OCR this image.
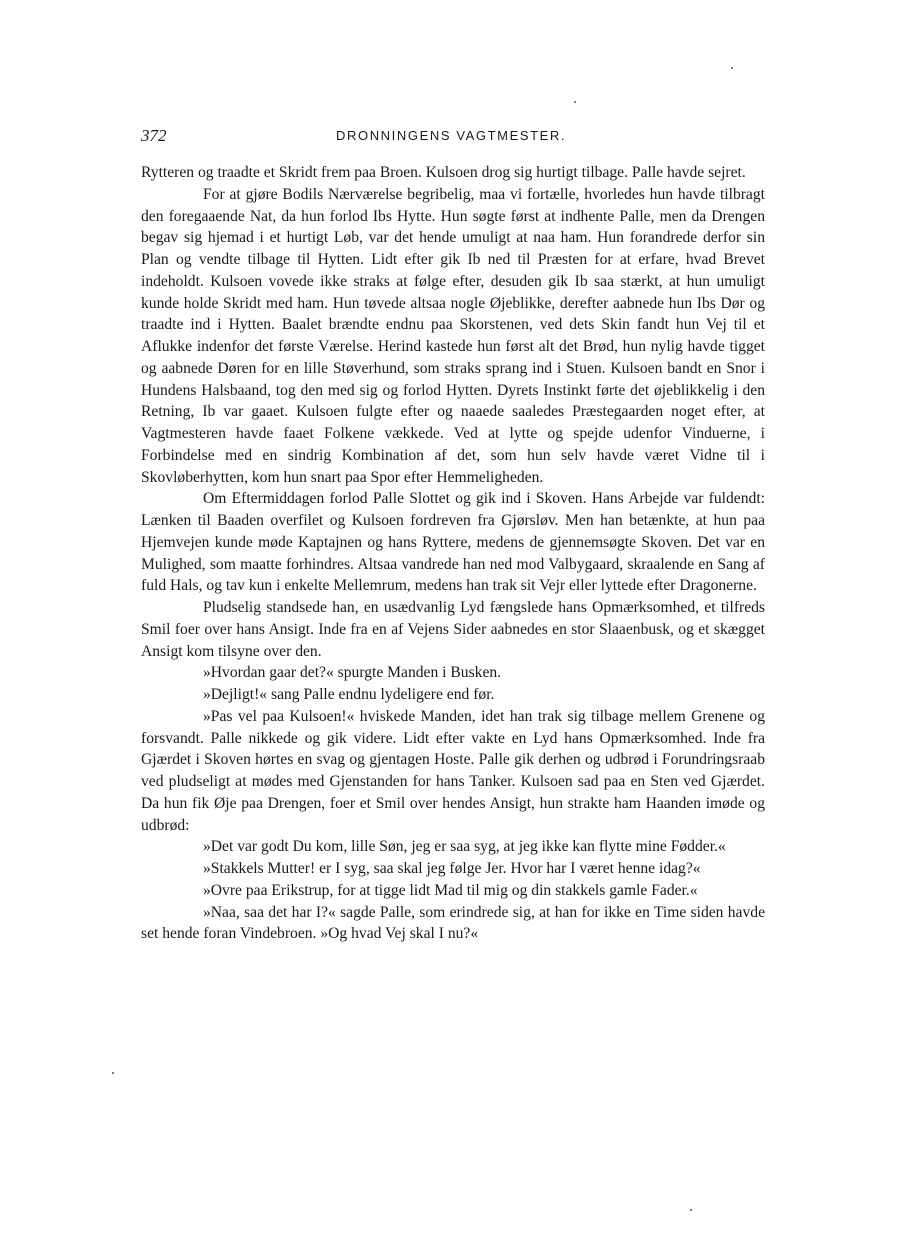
372	DRONNINGENS VAGTMESTER.

Rytteren og traadte et Skridt frem paa Broen. Kulsoen drog sig hurtigt tilbage. Palle havde sejret.

For at gjøre Bodils Nærværelse begribelig, maa vi fortælle, hvorledes hun havde tilbragt den foregaaende Nat, da hun forlod Ibs Hytte. Hun søgte først at indhente Palle, men da Drengen begav sig hjemad i et hurtigt Løb, var det hende umuligt at naa ham. Hun forandrede derfor sin Plan og vendte tilbage til Hytten. Lidt efter gik Ib ned til Præsten for at erfare, hvad Brevet indeholdt. Kulsoen vovede ikke straks at følge efter, desuden gik Ib saa stærkt, at hun umuligt kunde holde Skridt med ham. Hun tøvede altsaa nogle Øjeblikke, derefter aabnede hun Ibs Dør og traadte ind i Hytten. Baalet brændte endnu paa Skorstenen, ved dets Skin fandt hun Vej til et Aflukke indenfor det første Værelse. Herind kastede hun først alt det Brød, hun nylig havde tigget og aabnede Døren for en lille Støverhund, som straks sprang ind i Stuen. Kulsoen bandt en Snor i Hundens Halsbaand, tog den med sig og forlod Hytten. Dyrets Instinkt førte det øjeblikkelig i den Retning, Ib var gaaet. Kulsoen fulgte efter og naaede saaledes Præstegaarden noget efter, at Vagtmesteren havde faaet Folkene vækkede. Ved at lytte og spejde udenfor Vinduerne, i Forbindelse med en sindrig Kombination af det, som hun selv havde været Vidne til i Skovløberhytten, kom hun snart paa Spor efter Hemmeligheden.

Om Eftermiddagen forlod Palle Slottet og gik ind i Skoven. Hans Arbejde var fuldendt: Lænken til Baaden overfilet og Kulsoen fordreven fra Gjørsløv. Men han betænkte, at hun paa Hjemvejen kunde møde Kaptajnen og hans Ryttere, medens de gjennemsøgte Skoven. Det var en Mulighed, som maatte forhindres. Altsaa vandrede han ned mod Valbygaard, skraalende en Sang af fuld Hals, og tav kun i enkelte Mellemrum, medens han trak sit Vejr eller lyttede efter Dragonerne.

Pludselig standsede han, en usædvanlig Lyd fængslede hans Opmærksomhed, et tilfreds Smil foer over hans Ansigt. Inde fra en af Vejens Sider aabnedes en stor Slaaenbusk, og et skægget Ansigt kom tilsyne over den.

»Hvordan gaar det?« spurgte Manden i Busken.

»Dejligt!« sang Palle endnu lydeligere end før.

»Pas vel paa Kulsoen!« hviskede Manden, idet han trak sig tilbage mellem Grenene og forsvandt. Palle nikkede og gik videre. Lidt efter vakte en Lyd hans Opmærksomhed. Inde fra Gjærdet i Skoven hørtes en svag og gjentagen Hoste. Palle gik derhen og udbrød i Forundringsraab ved pludseligt at mødes med Gjenstanden for hans Tanker. Kulsoen sad paa en Sten ved Gjærdet. Da hun fik Øje paa Drengen, foer et Smil over hendes Ansigt, hun strakte ham Haanden imøde og udbrød:

»Det var godt Du kom, lille Søn, jeg er saa syg, at jeg ikke kan flytte mine Fødder.«

»Stakkels Mutter! er I syg, saa skal jeg følge Jer. Hvor har I været henne idag?«

»Ovre paa Erikstrup, for at tigge lidt Mad til mig og din stakkels gamle Fader.«

»Naa, saa det har I?« sagde Palle, som erindrede sig, at han for ikke en Time siden havde set hende foran Vindebroen. »Og hvad Vej skal I nu?«
